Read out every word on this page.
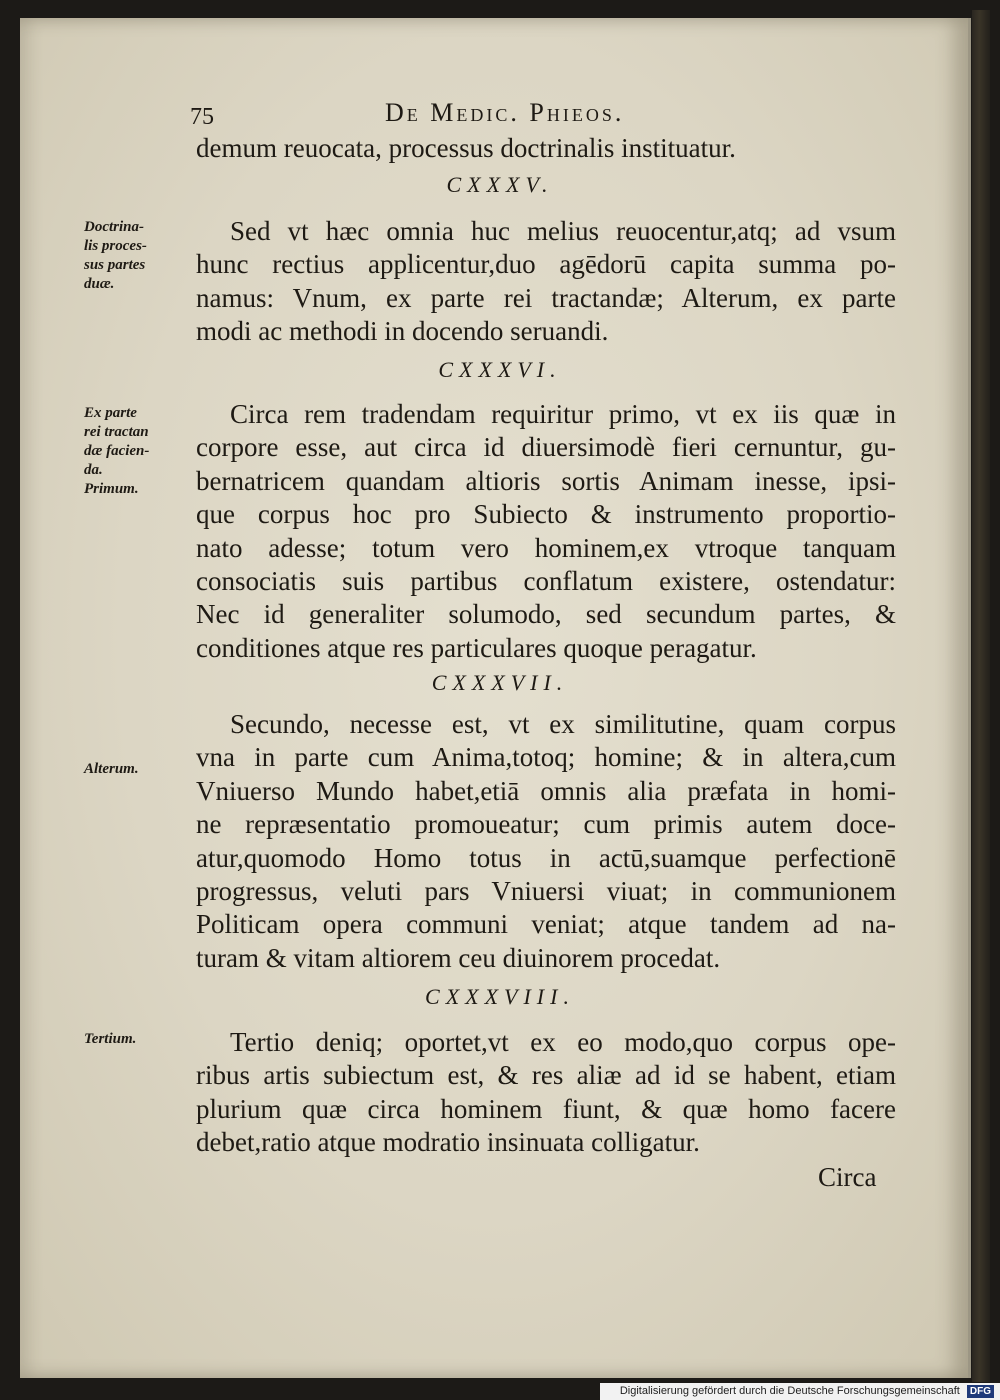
75	De Medic. Phieos.
demum reuocata, processus doctrinalis instituatur.
CXXXV.
Doctrina-
lis proces-
sus partes
duæ.
Sed vt hæc omnia huc melius reuocentur,atq; ad vsum
hunc rectius applicentur,duo agēdorū capita summa po-
namus: Vnum, ex parte rei tractandæ; Alterum, ex parte
modi ac methodi in docendo seruandi.
CXXXVI.
Ex parte
rei tractan
dæ facien-
da.
Primum.
Circa rem tradendam requiritur primo, vt ex iis quæ in
corpore esse, aut circa id diuersimodè fieri cernuntur, gu-
bernatricem quandam altioris sortis Animam inesse, ipsi-
que corpus hoc pro Subiecto & instrumento proportio-
nato adesse; totum vero hominem,ex vtroque tanquam
consociatis suis partibus conflatum existere, ostendatur:
Nec id generaliter solumodo, sed secundum partes, &
conditiones atque res particulares quoque peragatur.
CXXXVII.
Alterum.
Secundo, necesse est, vt ex similitutine, quam corpus
vna in parte cum Anima,totoq; homine; & in altera,cum
Vniuerso Mundo habet,etiā omnis alia præfata in homi-
ne repræsentatio promoueatur; cum primis autem doce-
atur,quomodo Homo totus in actū,suamque perfectionē
progressus, veluti pars Vniuersi viuat; in communionem
Politicam opera communi veniat; atque tandem ad na-
turam & vitam altiorem ceu diuinorem procedat.
CXXXVIII.
Tertium.	Tertio deniq; oportet,vt ex eo modo,quo corpus ope-
ribus artis subiectum est, & res aliæ ad id se habent, etiam
plurium quæ circa hominem fiunt, & quæ homo facere
debet,ratio atque modratio insinuata colligatur.
Circa
Digitalisierung gefördert durch die Deutsche Forschungsgemeinschaft DFG
